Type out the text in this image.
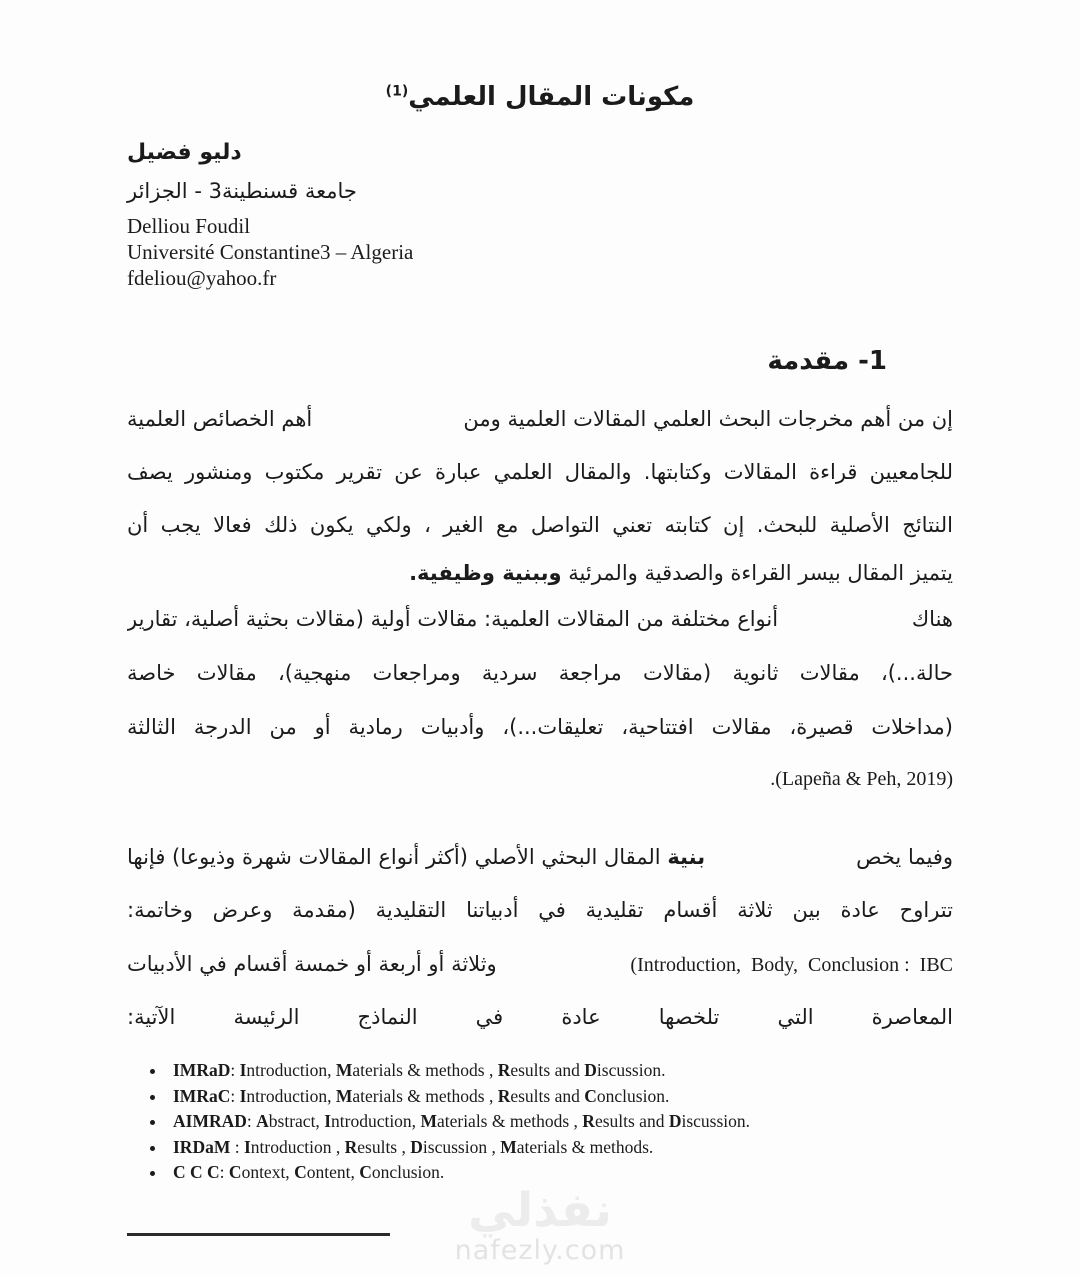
مكونات المقال العلمي$^{(1)}$
دليو فضيل
جامعة قسنطينة3 - الجزائر
Delliou Foudil
Université Constantine3 – Algeria
fdeliou@yahoo.fr
1- مقدمة
إن من أهم مخرجات البحث العلمي المقالات العلمية ومن
أهم الخصائص العلمية
للجامعيين قراءة المقالات وكتابتها. والمقال العلمي عبارة عن تقرير مكتوب ومنشور يصف
النتائج الأصلية للبحث. إن كتابته تعني التواصل مع الغير ، ولكي يكون ذلك فعالا يجب أن
يتميز المقال بيسر القراءة والصدقية والمرئية وببنية وظيفية.
هناك
أنواع مختلفة من المقالات العلمية: مقالات أولية (مقالات بحثية أصلية، تقارير
حالة...)، مقالات ثانوية (مقالات مراجعة سردية ومراجعات منهجية)، مقالات خاصة
(مداخلات قصيرة، مقالات افتتاحية، تعليقات...)، وأدبيات رمادية أو من الدرجة الثالثة
.(Lapeña & Peh, 2019)
وفيما يخص
بنية المقال البحثي الأصلي (أكثر أنواع المقالات شهرة وذيوعا) فإنها
تتراوح عادة بين ثلاثة أقسام تقليدية في أدبياتنا التقليدية (مقدمة وعرض وخاتمة:
وثلاثة أو أربعة أو خمسة أقسام في الأدبيات	(Introduction,  Body,  Conclusion :  IBC
المعاصرة التي تلخصها عادة في النماذج الرئيسة الآتية:
• IMRaD: Introduction, Materials & methods , Results and Discussion.
• IMRaC: Introduction, Materials & methods , Results and Conclusion.
• AIMRAD: Abstract, Introduction, Materials & methods , Results and Discussion.
• IRDaM : Introduction , Results , Discussion , Materials & methods.
• C C C: Context, Content, Conclusion.
نفذلي
nafezly.com
